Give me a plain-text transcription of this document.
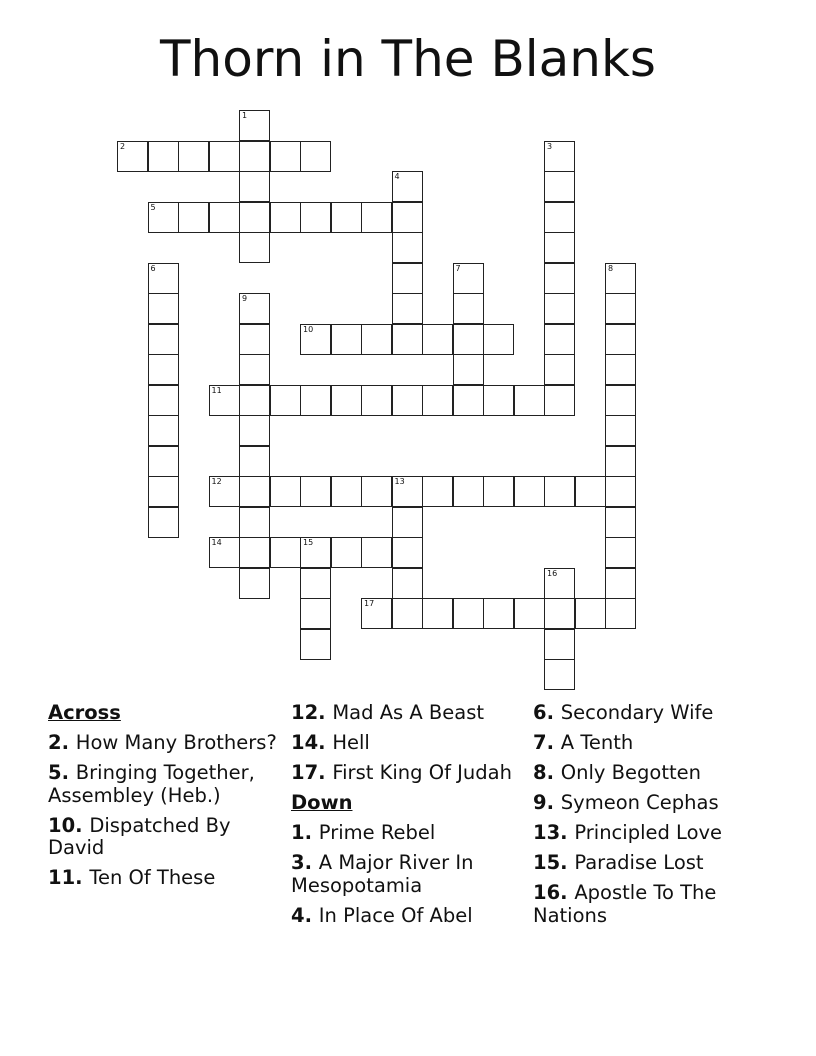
Thorn in The Blanks
1
2	3
4
5
6	7	8
9
10
11
12	13
14	15
16
17
Across
2. How Many Brothers?
5. Bringing Together, Assembley (Heb.)
10. Dispatched By David
11. Ten Of These
12. Mad As A Beast
14. Hell
17. First King Of Judah
Down
1. Prime Rebel
3. A Major River In Mesopotamia
4. In Place Of Abel
6. Secondary Wife
7. A Tenth
8. Only Begotten
9. Symeon Cephas
13. Principled Love
15. Paradise Lost
16. Apostle To The Nations
